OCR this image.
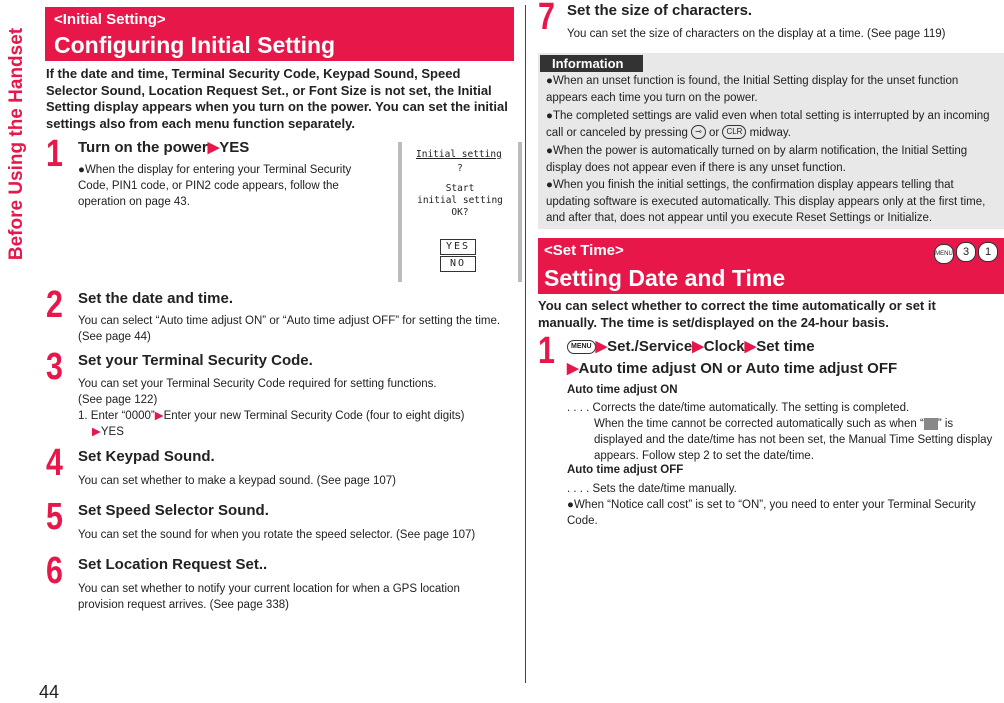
Before Using the Handset
44
<Initial Setting>
Configuring Initial Setting
If the date and time, Terminal Security Code, Keypad Sound, Speed Selector Sound, Location Request Set., or Font Size is not set, the Initial Setting display appears when you turn on the power. You can set the initial settings also from each menu function separately.
Initial setting
?
Start
initial setting
OK?
YES
NO
1 Turn on the power▶YES
●When the display for entering your Terminal Security Code, PIN1 code, or PIN2 code appears, follow the operation on page 43.
2 Set the date and time.
You can select “Auto time adjust ON” or “Auto time adjust OFF” for setting the time. (See page 44)
3 Set your Terminal Security Code.
You can set your Terminal Security Code required for setting functions.
(See page 122)
1. Enter “0000”▶Enter your new Terminal Security Code (four to eight digits)
▶YES
4 Set Keypad Sound.
You can set whether to make a keypad sound. (See page 107)
5 Set Speed Selector Sound.
You can set the sound for when you rotate the speed selector. (See page 107)
6 Set Location Request Set..
You can set whether to notify your current location for when a GPS location provision request arrives. (See page 338)
7 Set the size of characters.
You can set the size of characters on the display at a time. (See page 119)
Information
●When an unset function is found, the Initial Setting display for the unset function appears each time you turn on the power.
●The completed settings are valid even when total setting is interrupted by an incoming call or canceled by pressing ⊸ or CLR midway.
●When the power is automatically turned on by alarm notification, the Initial Setting display does not appear even if there is any unset function.
●When you finish the initial settings, the confirmation display appears telling that updating software is executed automatically. This display appears only at the first time, and after that, does not appear until you execute Reset Settings or Initialize.
<Set Time>
Setting Date and Time
MENU 3 1
You can select whether to correct the time automatically or set it manually. The time is set/displayed on the 24-hour basis.
1	MENU ▶Set./Service▶Clock▶Set time
▶Auto time adjust ON or Auto time adjust OFF
Auto time adjust ON
. . . . Corrects the date/time automatically. The setting is completed.
When the time cannot be corrected automatically such as when “ ” is displayed and the date/time has not been set, the Manual Time Setting display appears. Follow step 2 to set the date/time.
Auto time adjust OFF
. . . . Sets the date/time manually.
●When “Notice call cost” is set to “ON”, you need to enter your Terminal Security Code.
